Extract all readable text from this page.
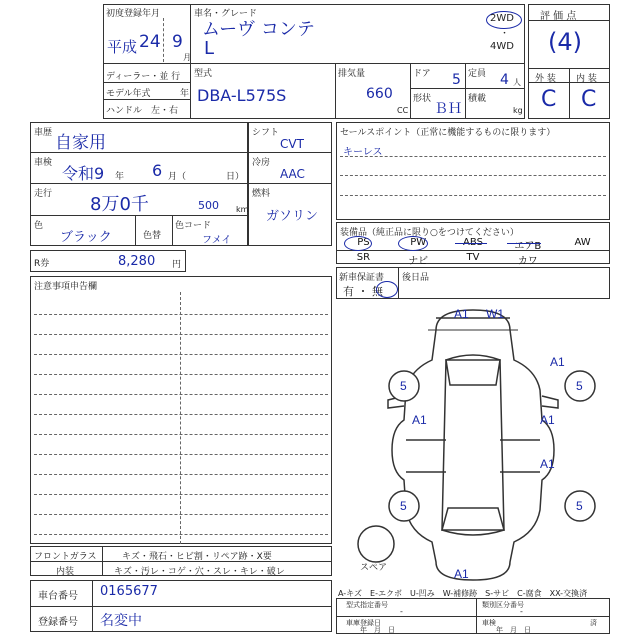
初度登録年月
平成 24 9
月
車名・グレード
ムーヴ コンテ
L
2WD
・
4WD
ディーラー・並 行
モデル年式	年
ハンドル　左・右
型式
DBA-L575S
排気量
660
CC
ドア 5 定員 4 人
形状
ＢＨ
積載
kg
評 価 点
(4)
外 装 内 装
C C
車歴 自家用
車検
令和9 年 6 月（	日）
走行 8万0千	500 km
色
ブラック	色替
色コード
フメイ
シフト
CVT
冷房
AAC
燃料
ガソリン
セールスポイント（正常に機能するものに限ります）
キーレス
装備品（純正品に限り○をつけてください）
PS	PW	ABS	エアB	AW
SR	ナビ	TV	カワ
R券	8,280 円
新車保証書
有 ・ 無
後日品
注意事項申告欄
A1 W1
A1
5	5
A1	A1
A1
5	5
A1
スペア
フロントガラス	キズ・飛石・ヒビ割・リペア跡・X要
内装	キズ・汚レ・コゲ・穴・スレ・キレ・破レ
車台番号 0165677
登録番号 名変中
A-キズ　E-エクボ　U-凹み　W-補修跡　S-サビ　C-腐食　XX-交換済
型式指定番号
-
類別区分番号
-
車庫登録日
年　月　日
車検
年　月　日
済
